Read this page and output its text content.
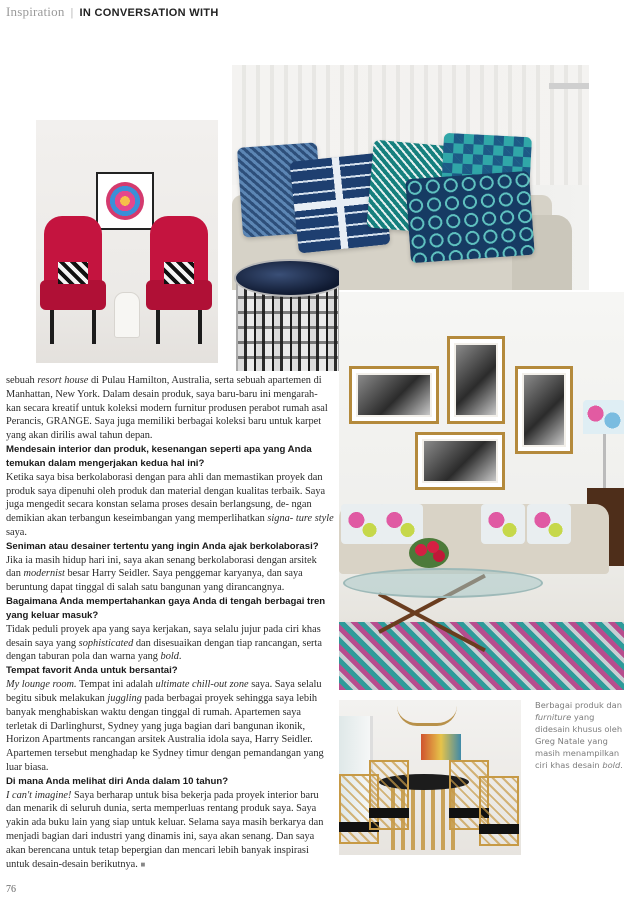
Inspiration | IN CONVERSATION WITH

sebuah resort house di Pulau Hamilton, Australia, serta sebuah apartemen di Manhattan, New York. Dalam desain produk, saya baru-baru ini mengarah- kan secara kreatif untuk koleksi modern furnitur produsen perabot rumah asal Perancis, GRANGE. Saya juga memiliki berbagai koleksi baru untuk karpet yang akan dirilis awal tahun depan.

Mendesain interior dan produk, kesenangan seperti apa yang Anda temukan dalam mengerjakan kedua hal ini?

Ketika saya bisa berkolaborasi dengan para ahli dan memastikan proyek dan produk saya dipenuhi oleh produk dan material dengan kualitas terbaik. Saya juga mengedit secara konstan selama proses desain berlangsung, de- ngan demikian akan terbangun keseimbangan yang memperlihatkan signa- ture style saya.

Seniman atau desainer tertentu yang ingin Anda ajak berkolaborasi?

Jika ia masih hidup hari ini, saya akan senang berkolaborasi dengan arsitek dan modernist besar Harry Seidler. Saya penggemar karyanya, dan saya beruntung dapat tinggal di salah satu bangunan yang dirancangnya.

Bagaimana Anda mempertahankan gaya Anda di tengah berbagai tren yang keluar masuk?

Tidak peduli proyek apa yang saya kerjakan, saya selalu jujur pada ciri khas desain saya yang sophisticated dan disesuaikan dengan tiap rancangan, serta dengan taburan pola dan warna yang bold.

Tempat favorit Anda untuk bersantai?

My lounge room. Tempat ini adalah ultimate chill-out zone saya. Saya selalu begitu sibuk melakukan juggling pada berbagai proyek sehingga saya lebih banyak menghabiskan waktu dengan tinggal di rumah. Apartemen saya terletak di Darlinghurst, Sydney yang juga bagian dari bangunan ikonik, Horizon Apartments rancangan arsitek Australia idola saya, Harry Seidler. Apartemen tersebut menghadap ke Sydney timur dengan pemandangan yang luar biasa.

Di mana Anda melihat diri Anda dalam 10 tahun?

I can't imagine! Saya berharap untuk bisa bekerja pada proyek interior baru dan menarik di seluruh dunia, serta memperluas rentang produk saya. Saya yakin ada buku lain yang siap untuk keluar. Selama saya masih berkarya dan menjadi bagian dari industri yang dinamis ini, saya akan senang. Dan saya akan berencana untuk tetap bepergian dan mencari lebih banyak inspirasi untuk desain-desain berikutnya. ■

Berbagai produk dan furniture yang didesain khusus oleh Greg Natale yang masih menampilkan ciri khas desain bold.
76
